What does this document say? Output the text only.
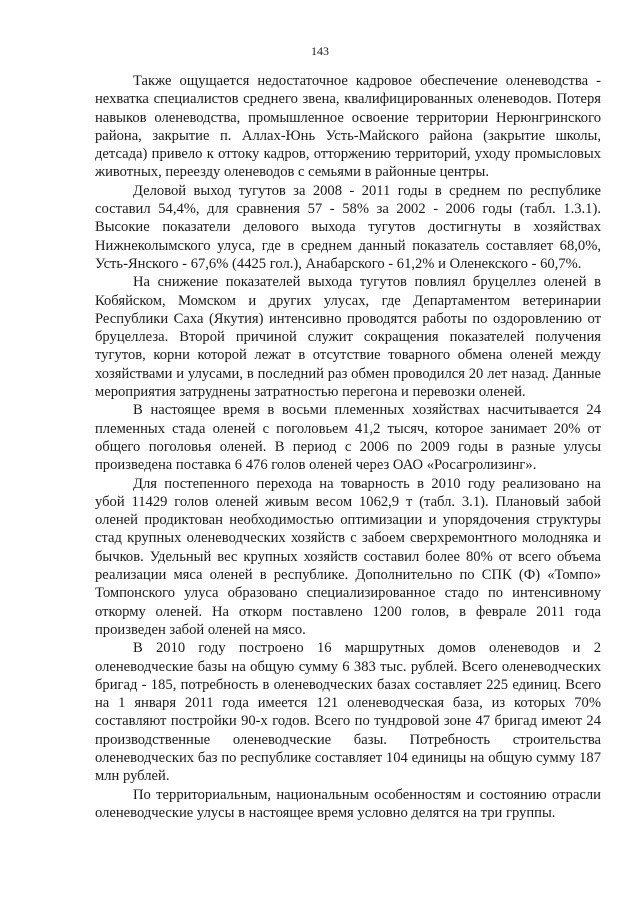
143

Также ощущается недостаточное кадровое обеспечение оленеводства - нехватка специалистов среднего звена, квалифицированных оленеводов. Потеря навыков оленеводства, промышленное освоение территории Нерюнгринского района, закрытие п. Аллах-Юнь Усть-Майского района (закрытие школы, детсада) привело к оттоку кадров, отторжению территорий, уходу промысловых животных, переезду оленеводов с семьями в районные центры.

Деловой выход тугутов за 2008 - 2011 годы в среднем по республике составил 54,4%, для сравнения 57 - 58% за 2002 - 2006 годы (табл. 1.3.1). Высокие показатели делового выхода тугутов достигнуты в хозяйствах Нижнеколымского улуса, где в среднем данный показатель составляет 68,0%, Усть-Янского - 67,6% (4425 гол.), Анабарского - 61,2% и Оленекского - 60,7%.

На снижение показателей выхода тугутов повлиял бруцеллез оленей в Кобяйском, Момском и других улусах, где Департаментом ветеринарии Республики Саха (Якутия) интенсивно проводятся работы по оздоровлению от бруцеллеза. Второй причиной служит сокращения показателей получения тугутов, корни которой лежат в отсутствие товарного обмена оленей между хозяйствами и улусами, в последний раз обмен проводился 20 лет назад. Данные мероприятия затруднены затратностью перегона и перевозки оленей.

В настоящее время в восьми племенных хозяйствах насчитывается 24 племенных стада оленей с поголовьем 41,2 тысяч, которое занимает 20% от общего поголовья оленей. В период с 2006 по 2009 годы в разные улусы произведена поставка 6 476 голов оленей через ОАО «Росагролизинг».

Для постепенного перехода на товарность в 2010 году реализовано на убой 11429 голов оленей живым весом 1062,9 т (табл. 3.1). Плановый забой оленей продиктован необходимостью оптимизации и упорядочения структуры стад крупных оленеводческих хозяйств с забоем сверхремонтного молодняка и бычков. Удельный вес крупных хозяйств составил более 80% от всего объема реализации мяса оленей в республике. Дополнительно по СПК (Ф) «Томпо» Томпонского улуса образовано специализированное стадо по интенсивному откорму оленей. На откорм поставлено 1200 голов, в феврале 2011 года произведен забой оленей на мясо.

В 2010 году построено 16 маршрутных домов оленеводов и 2 оленеводческие базы на общую сумму 6 383 тыс. рублей. Всего оленеводческих бригад - 185, потребность в оленеводческих базах составляет 225 единиц. Всего на 1 января 2011 года имеется 121 оленеводческая база, из которых 70% составляют постройки 90-х годов. Всего по тундровой зоне 47 бригад имеют 24 производственные оленеводческие базы. Потребность строительства оленеводческих баз по республике составляет 104 единицы на общую сумму 187 млн рублей.

По территориальным, национальным особенностям и состоянию отрасли оленеводческие улусы в настоящее время условно делятся на три группы.
